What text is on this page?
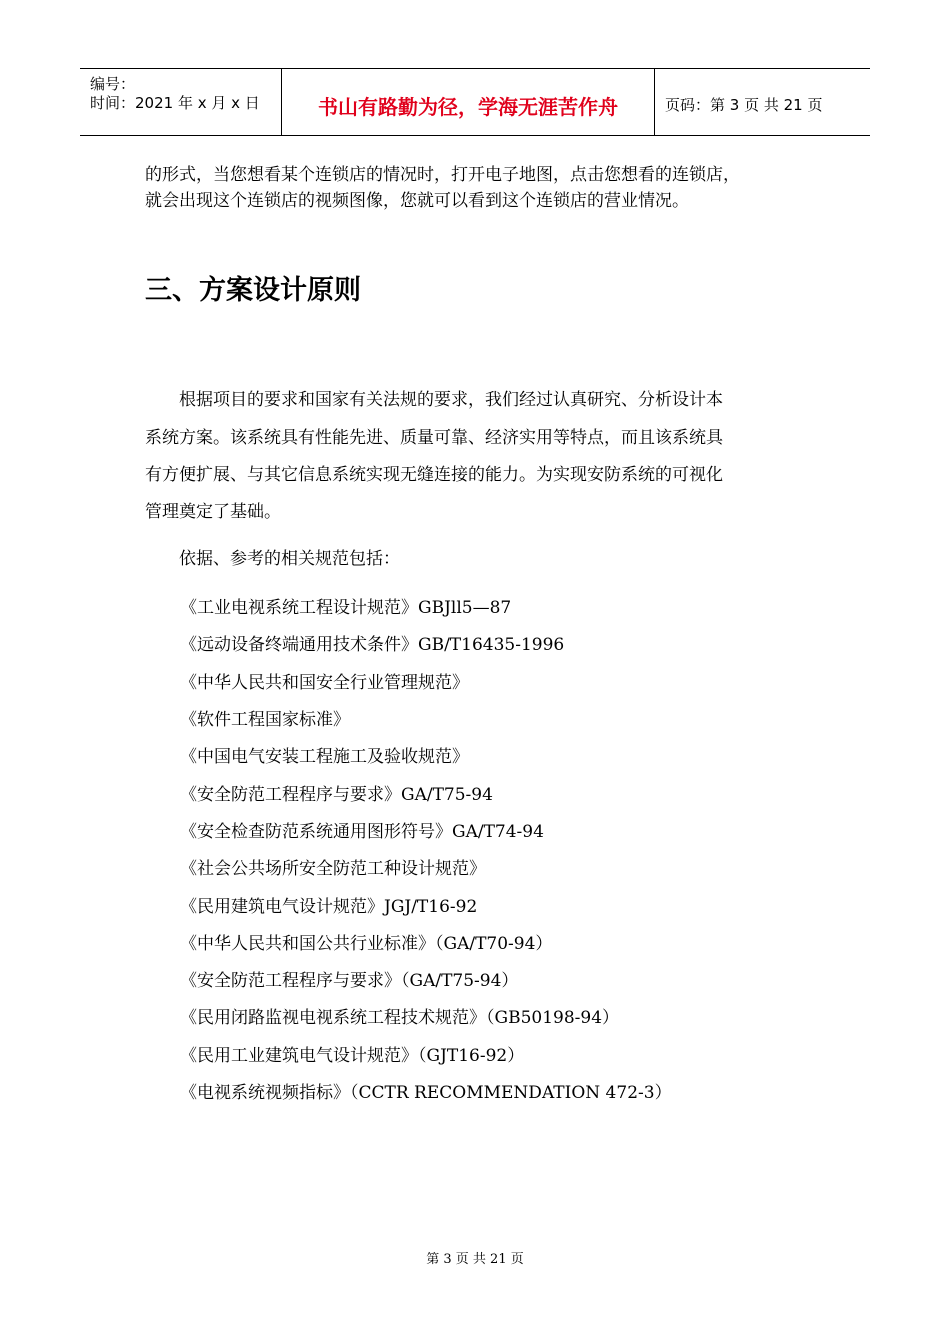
编号：
时间：2021 年 x 月 x 日	书山有路勤为径，学海无涯苦作舟	页码：第 3 页 共 21 页
的形式，当您想看某个连锁店的情况时，打开电子地图，点击您想看的连锁店，
就会出现这个连锁店的视频图像，您就可以看到这个连锁店的营业情况。
三、方案设计原则
　　根据项目的要求和国家有关法规的要求，我们经过认真研究、分析设计本
系统方案。该系统具有性能先进、质量可靠、经济实用等特点，而且该系统具
有方便扩展、与其它信息系统实现无缝连接的能力。为实现安防系统的可视化
管理奠定了基础。
　　依据、参考的相关规范包括：
《工业电视系统工程设计规范》GBJll5—87
《远动设备终端通用技术条件》GB/T16435-1996
《中华人民共和国安全行业管理规范》
《软件工程国家标准》
《中国电气安装工程施工及验收规范》
《安全防范工程程序与要求》GA/T75-94
《安全检查防范系统通用图形符号》GA/T74-94
《社会公共场所安全防范工种设计规范》
《民用建筑电气设计规范》JGJ/T16-92
《中华人民共和国公共行业标准》（GA/T70-94）
《安全防范工程程序与要求》（GA/T75-94）
《民用闭路监视电视系统工程技术规范》（GB50198-94）
《民用工业建筑电气设计规范》（GJT16-92）
《电视系统视频指标》（CCTR RECOMMENDATION 472-3）
第 3 页 共 21 页
